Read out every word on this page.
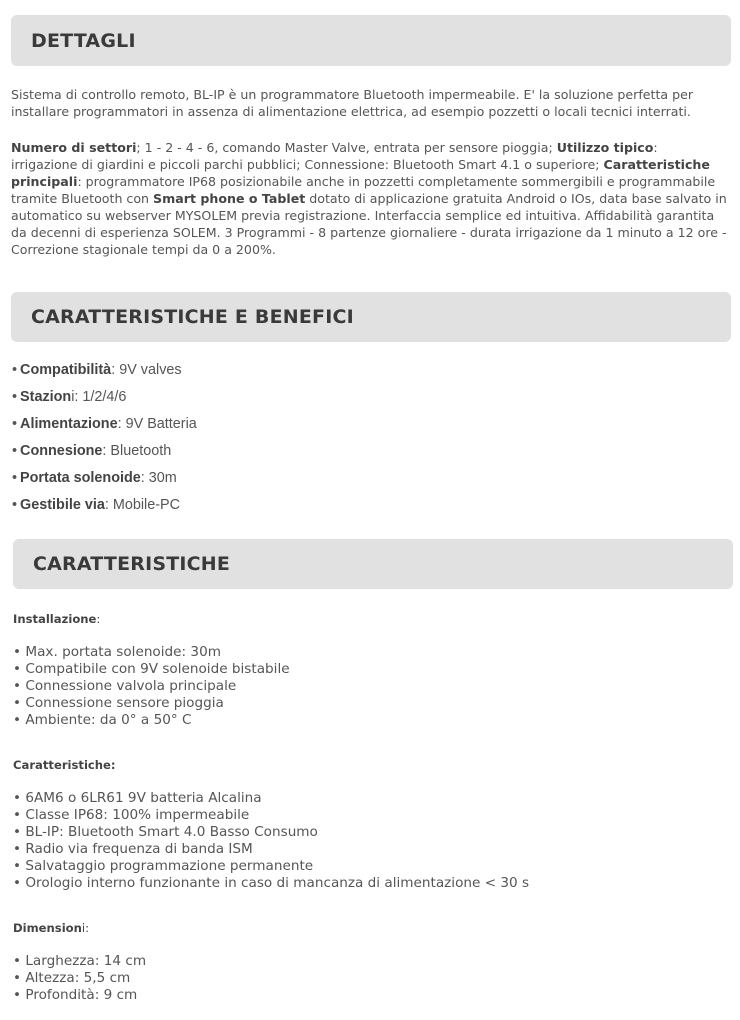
DETTAGLI

Sistema di controllo remoto, BL-IP è un programmatore Bluetooth impermeabile. E' la soluzione perfetta per installare programmatori in assenza di alimentazione elettrica, ad esempio pozzetti o locali tecnici interrati.

Numero di settori; 1 - 2 - 4 - 6, comando Master Valve, entrata per sensore pioggia; Utilizzo tipico: irrigazione di giardini e piccoli parchi pubblici; Connessione: Bluetooth Smart 4.1 o superiore; Caratteristiche principali: programmatore IP68 posizionabile anche in pozzetti completamente sommergibili e programmabile tramite Bluetooth con Smart phone o Tablet dotato di applicazione gratuita Android o IOs, data base salvato in automatico su webserver MYSOLEM previa registrazione. Interfaccia semplice ed intuitiva. Affidabilità garantita da decenni di esperienza SOLEM. 3 Programmi - 8 partenze giornaliere - durata irrigazione da 1 minuto a 12 ore - Correzione stagionale tempi da 0 a 200%.

CARATTERISTICHE E BENEFICI
• Compatibilità: 9V valves
• Stazioni: 1/2/4/6
• Alimentazione: 9V Batteria
• Connesione: Bluetooth
• Portata solenoide: 30m
• Gestibile via: Mobile-PC
CARATTERISTICHE

Installazione:

• Max. portata solenoide: 30m
• Compatibile con 9V solenoide bistabile
• Connessione valvola principale
• Connessione sensore pioggia
• Ambiente: da 0° a 50° C

Caratteristiche:

• 6AM6 o 6LR61 9V batteria Alcalina
• Classe IP68: 100% impermeabile
• BL-IP: Bluetooth Smart 4.0 Basso Consumo
• Radio via frequenza di banda ISM
• Salvataggio programmazione permanente
• Orologio interno funzionante in caso di mancanza di alimentazione < 30 s

Dimensioni:

• Larghezza: 14 cm
• Altezza: 5,5 cm
• Profondità: 9 cm
